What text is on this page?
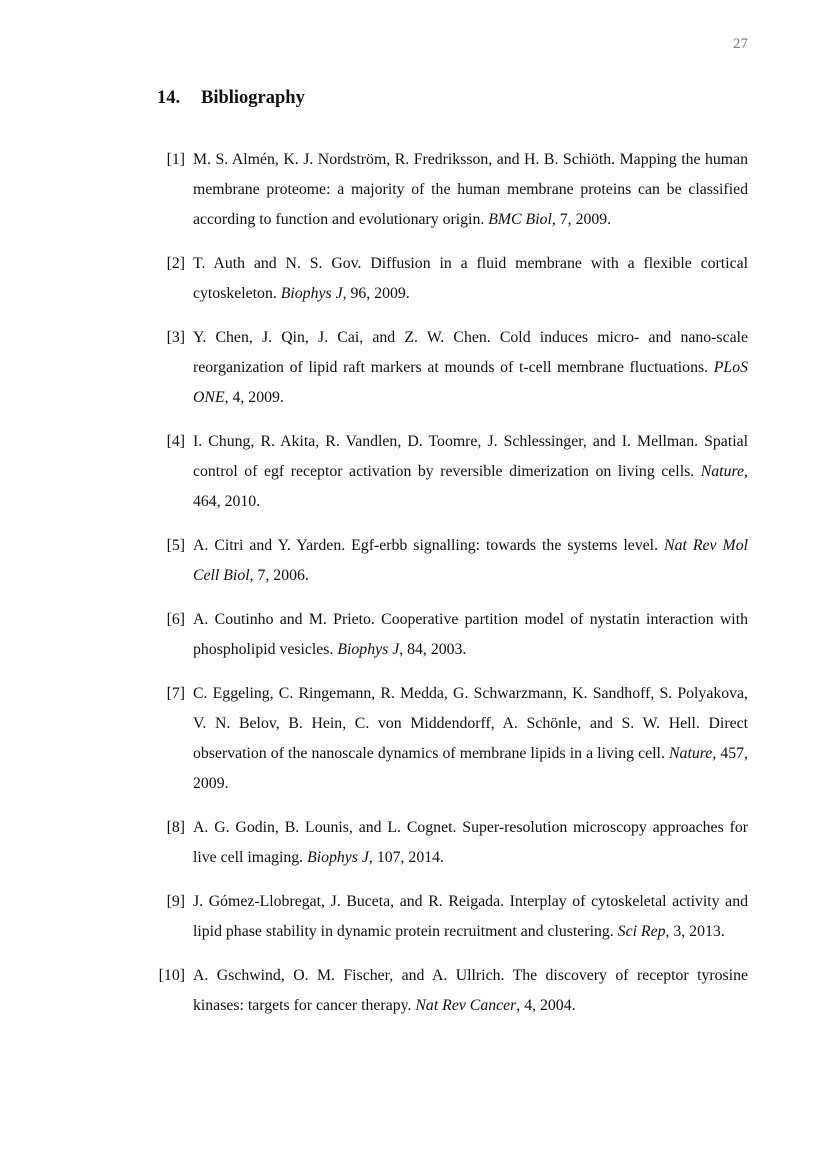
27
14. Bibliography
[1] M. S. Almén, K. J. Nordström, R. Fredriksson, and H. B. Schiöth. Mapping the human membrane proteome: a majority of the human membrane proteins can be classified according to function and evolutionary origin. BMC Biol, 7, 2009.
[2] T. Auth and N. S. Gov. Diffusion in a fluid membrane with a flexible cortical cytoskeleton. Biophys J, 96, 2009.
[3] Y. Chen, J. Qin, J. Cai, and Z. W. Chen. Cold induces micro- and nano-scale reorganization of lipid raft markers at mounds of t-cell membrane fluctuations. PLoS ONE, 4, 2009.
[4] I. Chung, R. Akita, R. Vandlen, D. Toomre, J. Schlessinger, and I. Mellman. Spatial control of egf receptor activation by reversible dimerization on living cells. Nature, 464, 2010.
[5] A. Citri and Y. Yarden. Egf-erbb signalling: towards the systems level. Nat Rev Mol Cell Biol, 7, 2006.
[6] A. Coutinho and M. Prieto. Cooperative partition model of nystatin interaction with phospholipid vesicles. Biophys J, 84, 2003.
[7] C. Eggeling, C. Ringemann, R. Medda, G. Schwarzmann, K. Sandhoff, S. Polyakova, V. N. Belov, B. Hein, C. von Middendorff, A. Schönle, and S. W. Hell. Direct observation of the nanoscale dynamics of membrane lipids in a living cell. Nature, 457, 2009.
[8] A. G. Godin, B. Lounis, and L. Cognet. Super-resolution microscopy approaches for live cell imaging. Biophys J, 107, 2014.
[9] J. Gómez-Llobregat, J. Buceta, and R. Reigada. Interplay of cytoskeletal activity and lipid phase stability in dynamic protein recruitment and clustering. Sci Rep, 3, 2013.
[10] A. Gschwind, O. M. Fischer, and A. Ullrich. The discovery of receptor tyrosine kinases: targets for cancer therapy. Nat Rev Cancer, 4, 2004.
